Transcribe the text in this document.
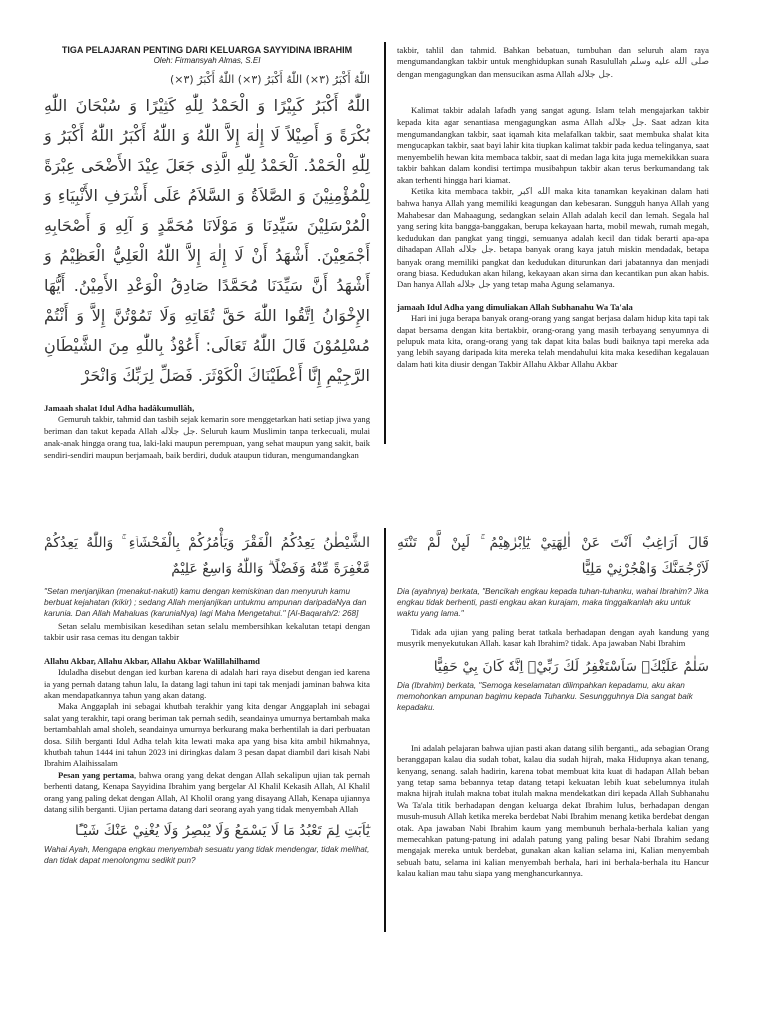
TIGA PELAJARAN PENTING DARI KELUARGA SAYYIDINA IBRAHIM

Oleh: Firmansyah Almas, S.EI

اللّٰهُ أَكْبَرُ (٣×) اللّٰهُ أَكْبَرُ (٣×) اللّٰهُ أَكْبَرُ (٣×)

اللّٰهُ أَكْبَرُ كَبِيْرًا وَ الْحَمْدُ لِلّٰهِ كَثِيْرًا وَ سُبْحَانَ اللّٰهِ بُكْرَةً وَ أَصِيْلاً لَا إِلٰهَ إِلاَّ اللّٰهُ وَ اللّٰهُ أَكْبَرُ اللّٰهُ أَكْبَرُ وَ لِلّٰهِ الْحَمْدُ. اَلْحَمْدُ لِلّٰهِ الَّذِى جَعَلَ عِيْدَ الأَضْحَى عِبْرَةً لِلْمُؤْمِنِيْنَ وَ الصَّلاَةُ وَ السَّلاَمُ عَلَى أَشْرَفِ الأَنْبِيَاءِ وَ الْمُرْسَلِيْنَ سَيِّدِنَا وَ مَوْلَانَا مُحَمَّدٍ وَ آلِهِ وَ أَصْحَابِهِ أَجْمَعِيْنَ. أَشْهَدُ أَنْ لَا إِلٰهَ إِلاَّ اللّٰهُ الْعَلِيُّ الْعَظِيْمُ وَ أَشْهَدُ أَنَّ سَيِّدَنَا مُحَمَّدًا صَادِقُ الْوَعْدِ الأَمِيْنُ. أَيُّهَا الإِخْوَانُ اِتَّقُوا اللّٰهَ حَقَّ تُقَاتِهِ وَلَا تَمُوْتُنَّ إِلاَّ وَ أَنْتُمْ مُسْلِمُوْنَ قَالَ اللّٰهُ تَعَالَى: أَعُوْذُ بِاللّٰهِ مِنَ الشَّيْطَانِ الرَّجِيْمِ إِنَّا أَعْطَيْنَاكَ الْكَوْثَرَ. فَصَلِّ لِرَبِّكَ وَانْحَرْ

Jamaah shalat Idul Adha hadâkumullâh,

Gemuruh takbir, tahmid dan tasbih sejak kemarin sore menggetarkan hati setiap jiwa yang beriman dan takut kepada Allah جل جلاله. Seluruh kaum Muslimin tanpa terkecuali, mulai anak-anak hingga orang tua, laki-laki maupun perempuan, yang sehat maupun yang sakit, baik sendiri-sendiri maupun berjamaah, baik berdiri, duduk ataupun tiduran, mengumandangkan

takbir, tahlil dan tahmid. Bahkan bebatuan, tumbuhan dan seluruh alam raya mengumandangkan takbir untuk menghidupkan sunah Rasulullah صلى الله عليه وسلم dengan mengagungkan dan mensucikan asma Allah جل جلاله.

Kalimat takbir adalah lafadh yang sangat agung. Islam telah mengajarkan takbir kepada kita agar senantiasa mengagungkan asma Allah جل جلاله. Saat adzan kita mengumandangkan takbir, saat iqamah kita melafalkan takbir, saat membuka shalat kita mengucapkan takbir, saat bayi lahir kita tiupkan kalimat takbir pada kedua telinganya, saat menyembelih hewan kita membaca takbir, saat di medan laga kita juga memekikkan suara takbir bahkan dalam kondisi tertimpa musibahpun takbir akan terus berkumandang tak akan terhenti hingga hari kiamat.

Ketika kita membaca takbir, الله اكبر maka kita tanamkan keyakinan dalam hati bahwa hanya Allah yang memiliki keagungan dan kebesaran. Sungguh hanya Allah yang Mahabesar dan Mahaagung, sedangkan selain Allah adalah kecil dan lemah. Segala hal yang sering kita bangga-banggakan, berupa kekayaan harta, mobil mewah, rumah megah, kedudukan dan pangkat yang tinggi, semuanya adalah kecil dan tidak berarti apa-apa dihadapan Allah جل جلاله. betapa banyak orang kaya jatuh miskin mendadak, betapa banyak orang memiliki pangkat dan kedudukan diturunkan dari jabatannya dan menjadi orang biasa. Kedudukan akan hilang, kekayaan akan sirna dan kecantikan pun akan habis. Dan hanya Allah جل جلاله yang tetap maha Agung selamanya.

jamaah Idul Adha yang dimuliakan Allah Subhanahu Wa Ta'ala

Hari ini juga berapa banyak orang-orang yang sangat berjasa dalam hidup kita tapi tak dapat bersama dengan kita bertakbir, orang-orang yang masih terbayang senyumnya di pelupuk mata kita, orang-orang yang tak dapat kita balas budi baiknya tapi mereka ada yang lebih sayang daripada kita mereka telah mendahului kita maka kesedihan kegalauan dalam hati kita diusir dengan Takbir Allahu Akbar Allahu Akbar

الشَّيْطٰنُ يَعِدُكُمُ الْفَقْرَ وَيَأْمُرُكُمْ بِالْفَحْشَاۤءِ ۚ وَاللّٰهُ يَعِدُكُمْ مَّغْفِرَةً مِّنْهُ وَفَضْلًا ۗ وَاللّٰهُ وَاسِعٌ عَلِيْمٌ

"Setan menjanjikan (menakut-nakuti) kamu dengan kemiskinan dan menyuruh kamu berbuat kejahatan (kikir) ; sedang Allah menjanjikan untukmu ampunan daripadaNya dan karunia. Dan Allah Mahaluas (karuniaNya) lagi Maha Mengetahui." [Al-Baqarah/2: 268]

Setan selalu membisikan kesedihan setan selalu membersihkan kekalutan tetapi dengan takbir usir rasa cemas itu dengan takbir

Allahu Akbar, Allahu Akbar, Allahu Akbar Walillahilhamd

Iduladha disebut dengan ied kurban karena di adalah hari raya disebut dengan ied karena ia yang pernah datang tahun lalu, Ia datang lagi tahun ini tapi tak menjadi jaminan bahwa kita akan mendapatkannya tahun yang akan datang.

Maka Anggaplah ini sebagai khutbah terakhir yang kita dengar Anggaplah ini sebagai salat yang terakhir, tapi orang beriman tak pernah sedih, seandainya umurnya bertambah maka bertambahlah amal sholeh, seandainya umurnya berkurang maka berhentilah ia dari perbuatan dosa. Silih berganti Idul Adha telah kita lewati maka apa yang bisa kita ambil hikmahnya, khutbah tahun 1444 ini tahun 2023 ini diringkas dalam 3 pesan dapat diambil dari kisah Nabi Ibrahim Alaihissalam

Pesan yang pertama, bahwa orang yang dekat dengan Allah sekalipun ujian tak pernah berhenti datang, Kenapa Sayyidina Ibrahim yang bergelar Al Khalil Kekasih Allah, Al Khalil orang yang paling dekat dengan Allah, Al Kholil orang yang disayang Allah, Kenapa ujiannya datang silih berganti. Ujian pertama datang dari seorang ayah yang tidak menyembah Allah

يٰٓاَبَتِ لِمَ تَعْبُدُ مَا لَا يَسْمَعُ وَلَا يُبْصِرُ وَلَا يُغْنِيْ عَنْكَ شَيْـًٔا

Wahai Ayah, Mengapa engkau menyembah sesuatu yang tidak mendengar, tidak melihat, dan tidak dapat menolongmu sedikit pun?

قَالَ اَرَاغِبٌ اَنْتَ عَنْ اٰلِهَتِيْ يٰٓاِبْرٰهِيْمُ ۚ لَىِٕنْ لَّمْ تَنْتَهِ لَاَرْجُمَنَّكَ وَاهْجُرْنِيْ مَلِيًّا

Dia (ayahnya) berkata, "Bencikah engkau kepada tuhan-tuhanku, wahai Ibrahim? Jika engkau tidak berhenti, pasti engkau akan kurajam, maka tinggalkanlah aku untuk waktu yang lama."

Tidak ada ujian yang paling berat tatkala berhadapan dengan ayah kandung yang musyrik menyekutukan Allah. kasar kah Ibrahim? tidak. Apa jawaban Nabi Ibrahim

سَلٰمٌ عَلَيْكَۚ سَاَسْتَغْفِرُ لَكَ رَبِّيْۗ اِنَّهٗ كَانَ بِيْ حَفِيًّا

Dia (Ibrahim) berkata, "Semoga keselamatan dilimpahkan kepadamu, aku akan memohonkan ampunan bagimu kepada Tuhanku. Sesungguhnya Dia sangat baik kepadaku.

Ini adalah pelajaran bahwa ujian pasti akan datang silih berganti,, ada sebagian Orang beranggapan kalau dia sudah tobat, kalau dia sudah hijrah, maka Hidupnya akan tenang, kenyang, senang. salah hadirin, karena tobat membuat kita kuat di hadapan Allah beban yang tetap sama bebannya tetap datang tetapi kekuatan lebih kuat sebelumnya itulah makna hijrah itulah makna tobat itulah makna mendekatkan diri kepada Allah Subhanahu Wa Ta'ala titik berhadapan dengan keluarga dekat Ibrahim lulus, berhadapan dengan musuh-musuh Allah ketika mereka berdebat Nabi Ibrahim menang ketika berdebat dengan otak. Apa jawaban Nabi Ibrahim kaum yang membunuh berhala-berhala kalian yang memecahkan patung-patung ini adalah patung yang paling besar Nabi Ibrahim sedang mengajak mereka untuk berdebat, gunakan akan kalian selama ini, Kalian menyembah sebuah batu, selama ini kalian menyembah berhala, hari ini berhala-berhala itu Hancur kalau kalian mau tahu siapa yang menghancurkannya.
